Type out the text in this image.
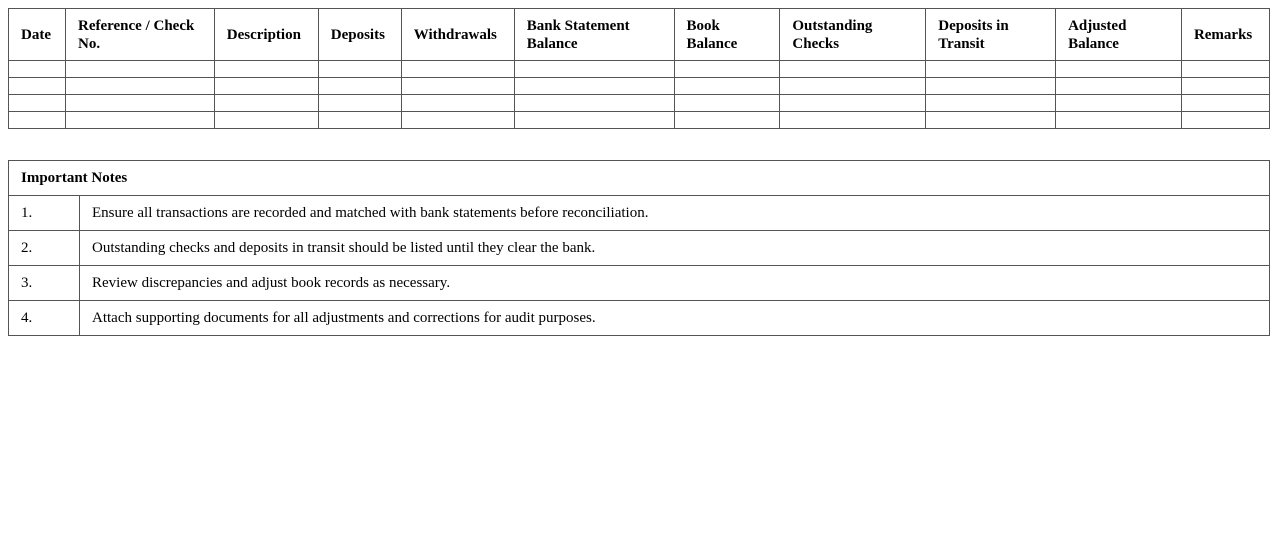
Date	Reference / Check No.	Description	Deposits	Withdrawals	Bank Statement Balance	Book Balance	Outstanding Checks	Deposits in Transit	Adjusted Balance	Remarks

Important Notes	
1.	Ensure all transactions are recorded and matched with bank statements before reconciliation.
2.	Outstanding checks and deposits in transit should be listed until they clear the bank.
3.	Review discrepancies and adjust book records as necessary.
4.	Attach supporting documents for all adjustments and corrections for audit purposes.
